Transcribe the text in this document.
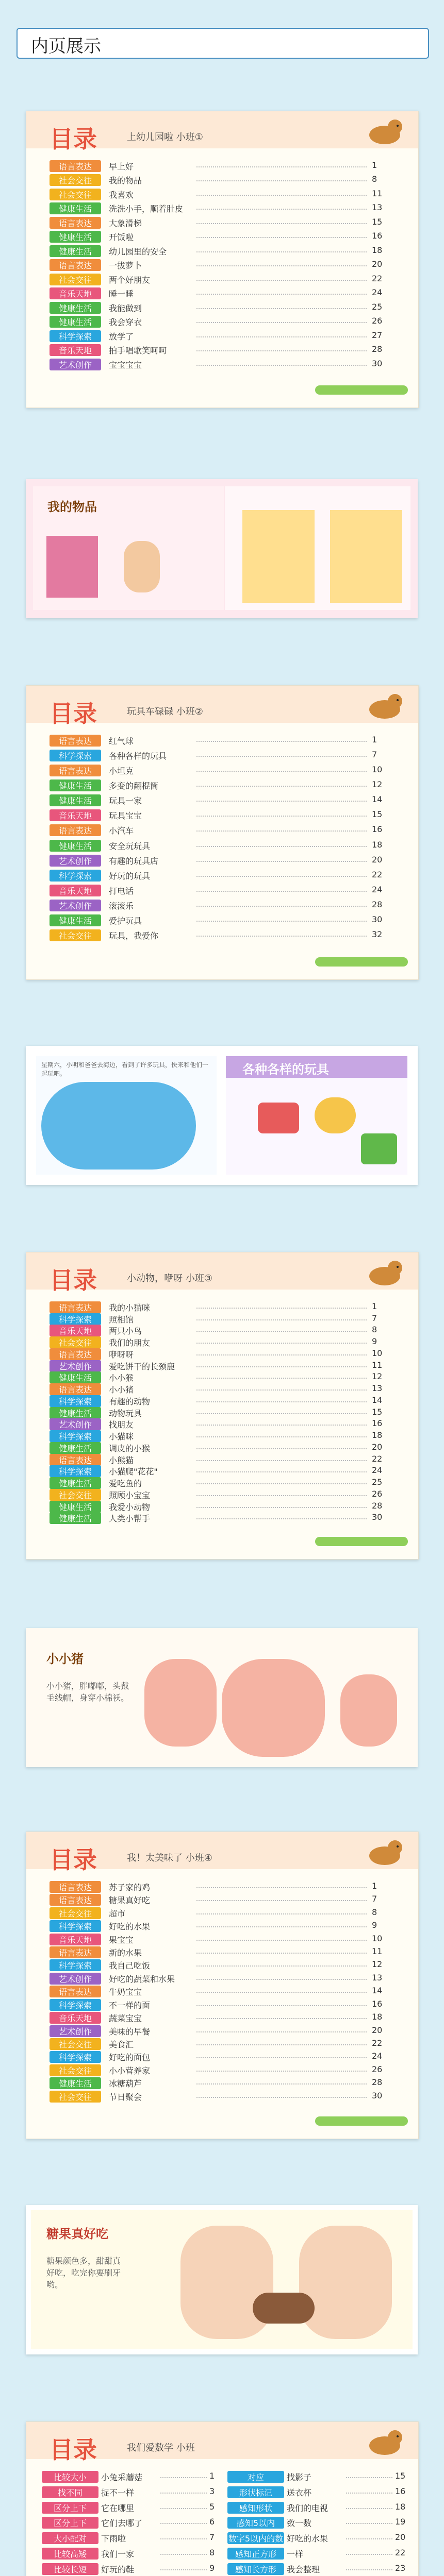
内页展示
目录	上幼儿园啦 小班①
语言表达	早上好	1
社会交往	我的物品	8
社会交往	我喜欢	11
健康生活	洗洗小手，顺着肚皮	13
语言表达	大象滑梯	15
健康生活	开饭啦	16
健康生活	幼儿园里的安全	18
语言表达	一拔萝卜	20
社会交往	两个好朋友	22
音乐天地	睡一睡	24
健康生活	我能做到	25
健康生活	我会穿衣	26
科学探索	放学了	27
音乐天地	拍手唱歌笑呵呵	28
艺术创作	宝宝宝宝	30
我的物品
目录	玩具车碌碌 小班②
语言表达	红气球	1
科学探索	各种各样的玩具	7
语言表达	小坦克	10
健康生活	多变的翻棍筒	12
健康生活	玩具一家	14
音乐天地	玩具宝宝	15
语言表达	小汽车	16
健康生活	安全玩玩具	18
艺术创作	有趣的玩具店	20
科学探索	好玩的玩具	22
音乐天地	打电话	24
艺术创作	滚滚乐	28
健康生活	爱护玩具	30
社会交往	玩具，我爱你	32
星期六，小明和爸爸去海边，看到了许多玩具，快来和他们一起玩吧。	各种各样的玩具
目录	小动物，咿呀 小班③
语言表达	我的小猫咪	1
科学探索	照相馆	7
音乐天地	两只小鸟	8
社会交往	我们的朋友	9
语言表达	咿呀呀	10
艺术创作	爱吃饼干的长颈鹿	11
健康生活	小小猴	12
语言表达	小小猪	13
科学探索	有趣的动物	14
健康生活	动物玩具	15
艺术创作	找朋友	16
科学探索	小猫咪	18
健康生活	调皮的小猴	20
语言表达	小熊猫	22
科学探索	小猫爬"花花"	24
健康生活	爱吃鱼的	25
社会交往	照顾小宝宝	26
健康生活	我爱小动物	28
健康生活	人类小帮手	30
小小猪
小小猪，胖嘟嘟，头戴毛线帽，身穿小棉袄。
目录	我！太美味了 小班④
语言表达	苏子家的鸡	1
语言表达	糖果真好吃	7
社会交往	超市	8
科学探索	好吃的水果	9
音乐天地	果宝宝	10
语言表达	新的水果	11
科学探索	我自己吃饭	12
艺术创作	好吃的蔬菜和水果	13
语言表达	牛奶宝宝	14
科学探索	不一样的面	16
音乐天地	蔬菜宝宝	18
艺术创作	美味的早餐	20
社会交往	美食汇	22
科学探索	好吃的面包	24
社会交往	小小营养家	26
健康生活	冰糖葫芦	28
社会交往	节日聚会	30
糖果真好吃
糖果颜色多，甜甜真好吃，吃完你要刷牙哟。
目录	我们爱数学 小班
比较大小	小兔采蘑菇	1
找不同	捉不一样	3
区分上下	它在哪里	5
区分上下	它们去哪了	6
大小配对	下雨啦	7
比较高矮	我们一家	8
比较长短	好玩的鞋	9
对应	找影子	15
形状标记	送衣杯	16
感知形状	我们的电视	18
感知5以内	数一数	19
数字5以内的数 好吃的水果	20
感知正方形	一样	22
感知长方形	我会整理	23
